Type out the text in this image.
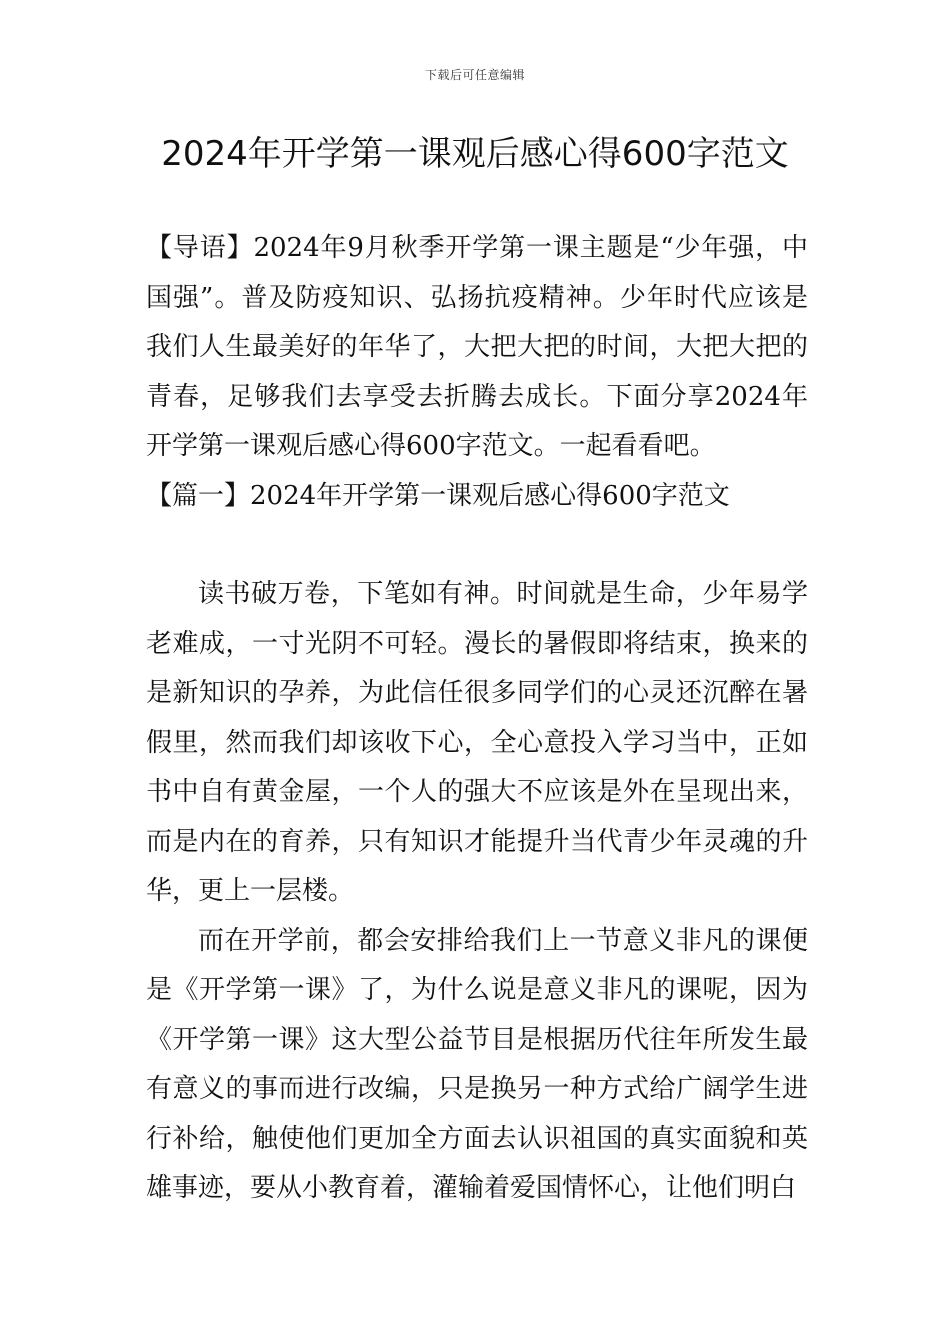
下载后可任意编辑
2024年开学第一课观后感心得600字范文

【导语】2024年9月秋季开学第一课主题是“少年强，中国强”。普及防疫知识、弘扬抗疫精神。少年时代应该是我们人生最美好的年华了，大把大把的时间，大把大把的青春，足够我们去享受去折腾去成长。下面分享2024年开学第一课观后感心得600字范文。一起看看吧。

【篇一】2024年开学第一课观后感心得600字范文

读书破万卷，下笔如有神。时间就是生命，少年易学老难成，一寸光阴不可轻。漫长的暑假即将结束，换来的是新知识的孕养，为此信任很多同学们的心灵还沉醉在暑假里，然而我们却该收下心，全心意投入学习当中，正如书中自有黄金屋，一个人的强大不应该是外在呈现出来，而是内在的育养，只有知识才能提升当代青少年灵魂的升华，更上一层楼。

而在开学前，都会安排给我们上一节意义非凡的课便是《开学第一课》了，为什么说是意义非凡的课呢，因为《开学第一课》这大型公益节目是根据历代往年所发生最有意义的事而进行改编，只是换另一种方式给广阔学生进行补给，触使他们更加全方面去认识祖国的真实面貌和英雄事迹，要从小教育着，灌输着爱国情怀心，让他们明白
